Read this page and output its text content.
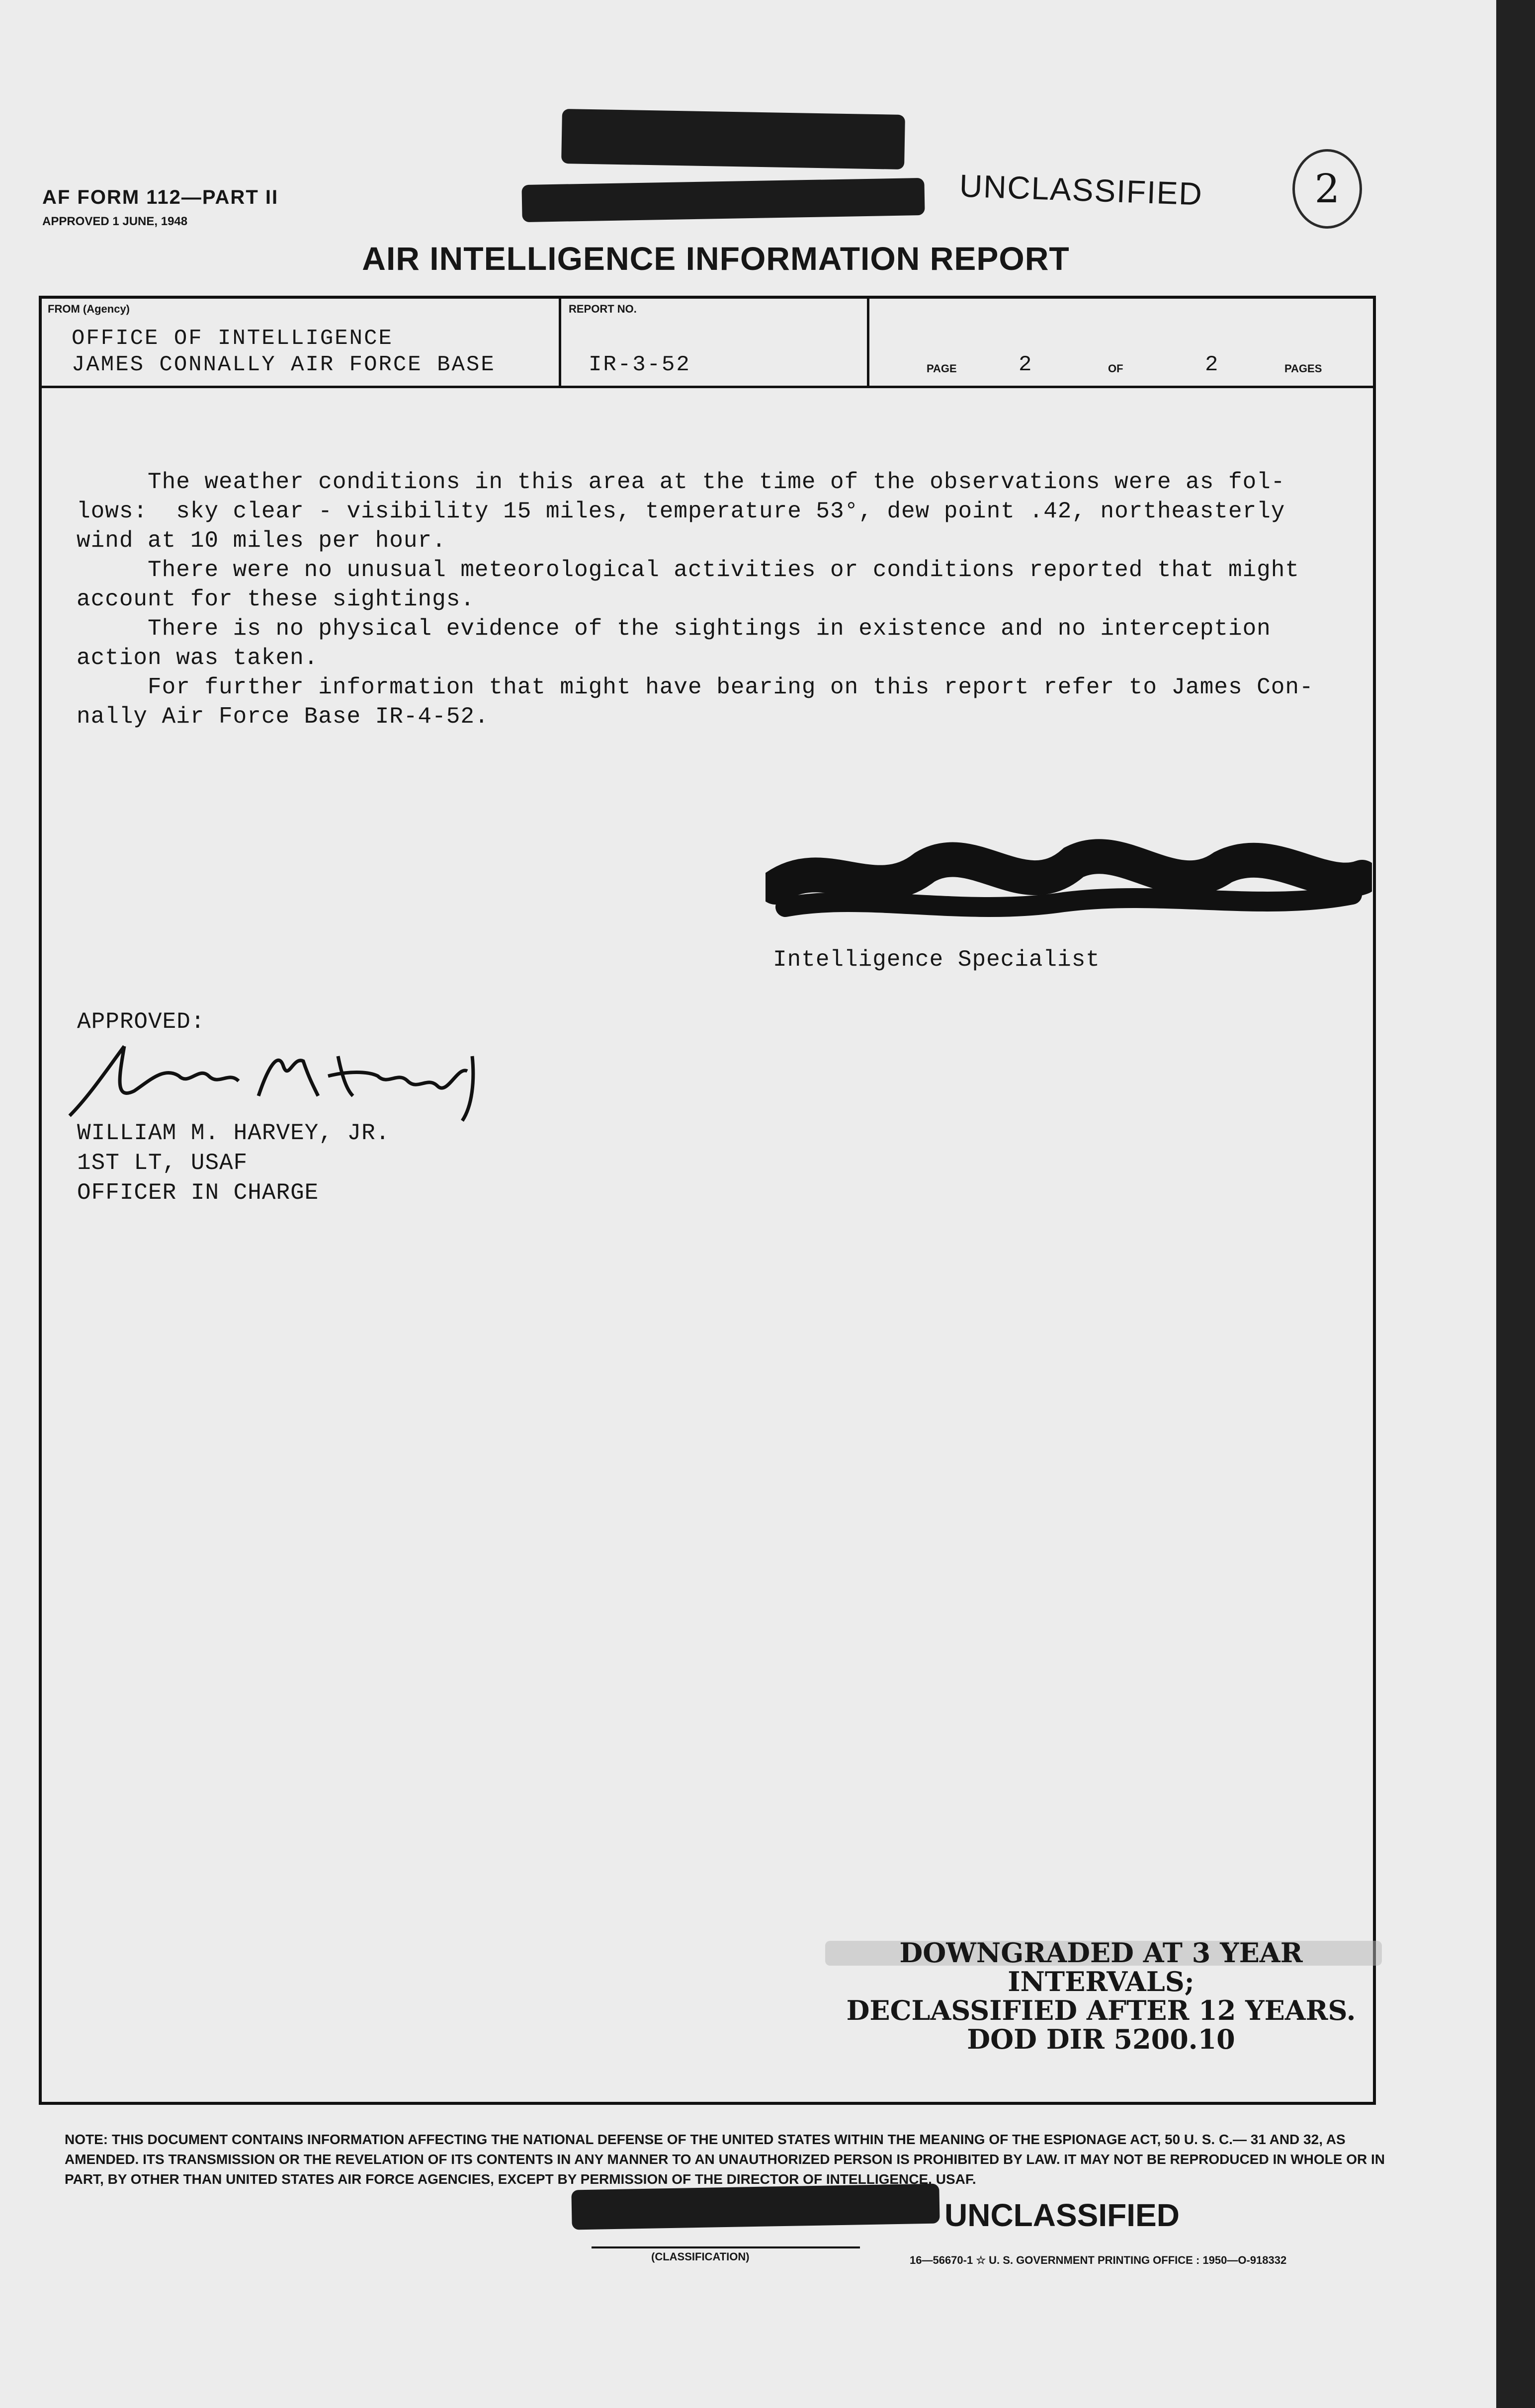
AF FORM 112—PART II
APPROVED 1 JUNE, 1948
UNCLASSIFIED	2
AIR INTELLIGENCE INFORMATION REPORT
FROM (Agency)
OFFICE OF INTELLIGENCE
JAMES CONNALLY AIR FORCE BASE
REPORT NO.
IR-3-52	PAGE	2	OF	2	PAGES
The weather conditions in this area at the time of the observations were as fol-
lows:  sky clear - visibility 15 miles, temperature 53°, dew point .42, northeasterly
wind at 10 miles per hour.
There were no unusual meteorological activities or conditions reported that might
account for these sightings.
There is no physical evidence of the sightings in existence and no interception
action was taken.
For further information that might have bearing on this report refer to James Con-
nally Air Force Base IR-4-52.
Intelligence Specialist
APPROVED:
WILLIAM M. HARVEY, JR.
1ST LT, USAF
OFFICER IN CHARGE
DOWNGRADED AT 3 YEAR INTERVALS;
DECLASSIFIED AFTER 12 YEARS.
DOD DIR 5200.10
NOTE: THIS DOCUMENT CONTAINS INFORMATION AFFECTING THE NATIONAL DEFENSE OF THE UNITED STATES WITHIN THE MEANING OF THE ESPIONAGE ACT, 50 U. S. C.— 31 AND 32, AS AMENDED. ITS TRANSMISSION OR THE REVELATION OF ITS CONTENTS IN ANY MANNER TO AN UNAUTHORIZED PERSON IS PROHIBITED BY LAW. IT MAY NOT BE REPRODUCED IN WHOLE OR IN PART, BY OTHER THAN UNITED STATES AIR FORCE AGENCIES, EXCEPT BY PERMISSION OF THE DIRECTOR OF INTELLIGENCE, USAF.
UNCLASSIFIED
(CLASSIFICATION)	16—56670-1 ☆ U. S. GOVERNMENT PRINTING OFFICE : 1950—O-918332
